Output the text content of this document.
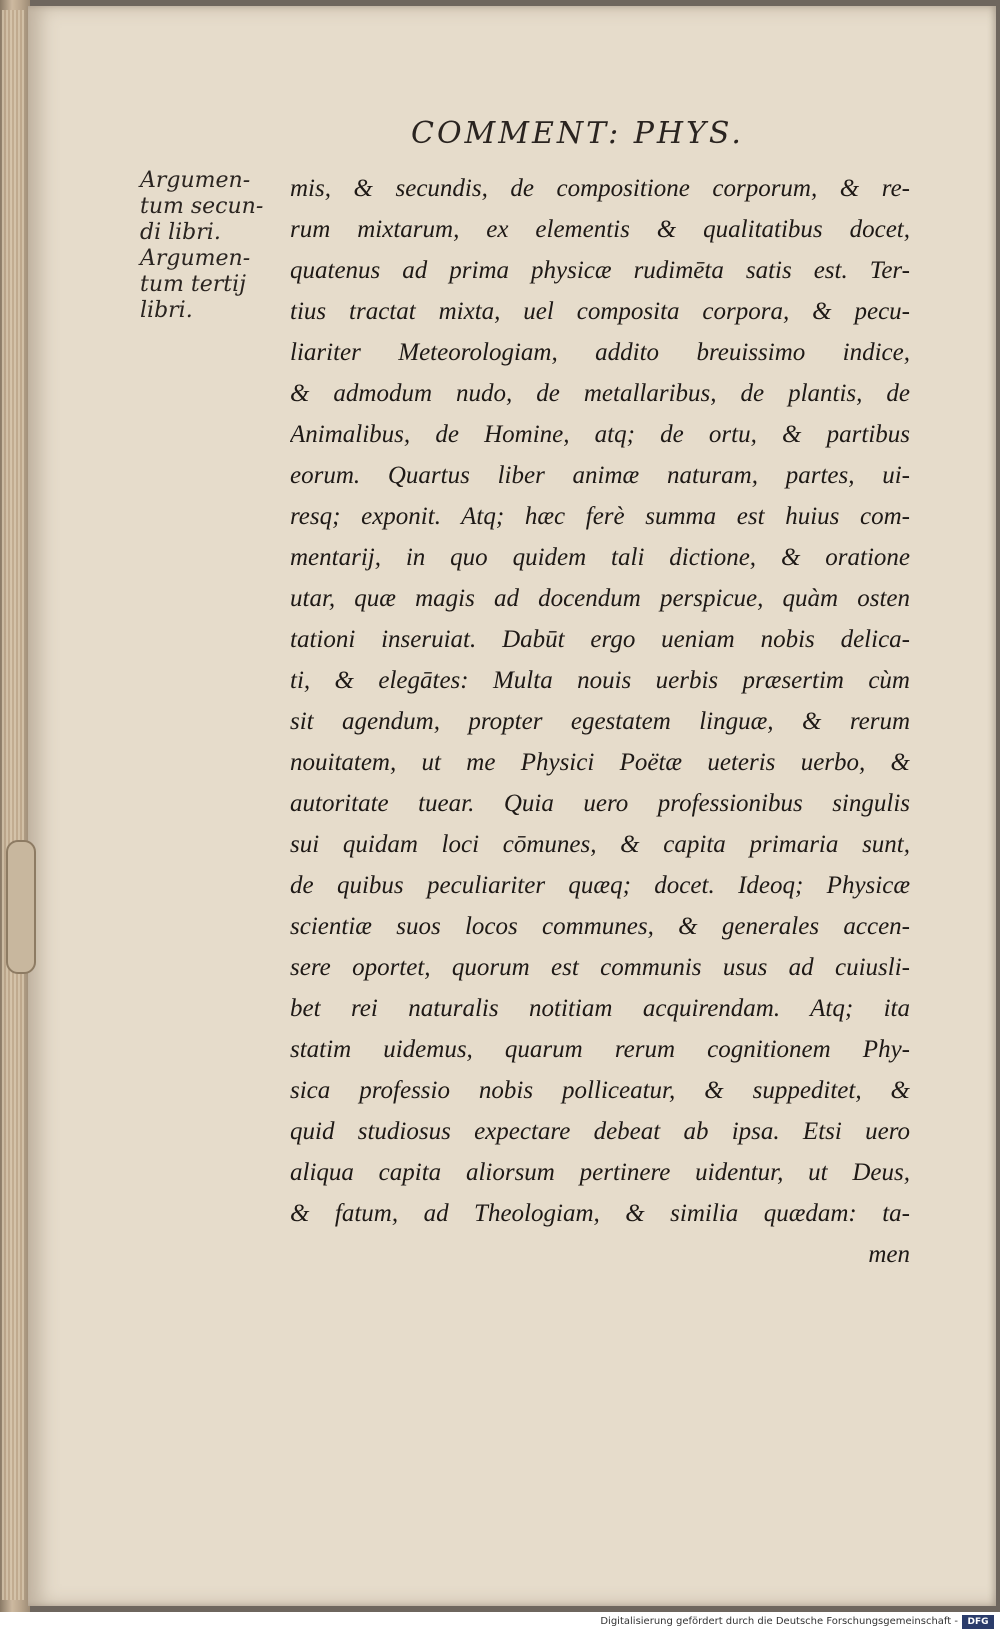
COMMENT: PHYS.
Argumen-
tum secun-
di libri.
Argumen-
tum tertij
libri.
mis, & secundis, de compositione corporum, & re-
rum mixtarum, ex elementis & qualitatibus docet,
quatenus ad prima physicæ rudimēta satis est. Ter-
tius tractat mixta, uel composita corpora, & pecu-
liariter Meteorologiam, addito breuissimo indice,
& admodum nudo, de metallaribus, de plantis, de
Animalibus, de Homine, atq; de ortu, & partibus
eorum. Quartus liber animæ naturam, partes, ui-
resq; exponit. Atq; hæc ferè summa est huius com-
mentarij, in quo quidem tali dictione, & oratione
utar, quæ magis ad docendum perspicue, quàm osten
tationi inseruiat. Dabūt ergo ueniam nobis delica-
ti, & elegātes: Multa nouis uerbis præsertim cùm
sit agendum, propter egestatem linguæ, & rerum
nouitatem, ut me Physici Poëtæ ueteris uerbo, &
autoritate tuear. Quia uero professionibus singulis
sui quidam loci cōmunes, & capita primaria sunt,
de quibus peculiariter quæq; docet. Ideoq; Physicæ
scientiæ suos locos communes, & generales accen-
sere oportet, quorum est communis usus ad cuiusli-
bet rei naturalis notitiam acquirendam. Atq; ita
statim uidemus, quarum rerum cognitionem Phy-
sica professio nobis polliceatur, & suppeditet, &
quid studiosus expectare debeat ab ipsa. Etsi uero
aliqua capita aliorsum pertinere uidentur, ut Deus,
& fatum, ad Theologiam, & similia quædam: ta-
men
Digitalisierung gefördert durch die Deutsche Forschungsgemeinschaft -	DFG
